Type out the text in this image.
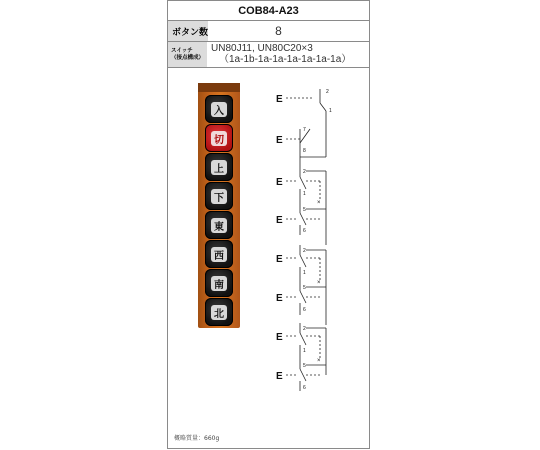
COB84-A23
ボタン数	8
スイッチ
（接点構成）
UN80J11, UN80C20×3
（1a-1b-1a-1a-1a-1a-1a-1a）
入
切
上
下
東
西
南
北
E
2
1
E
7
8
E
2
1
×
E
5
6
E
2
1
×
E
5
6
E
2
1
×
E
5
6
概略質量：660g
